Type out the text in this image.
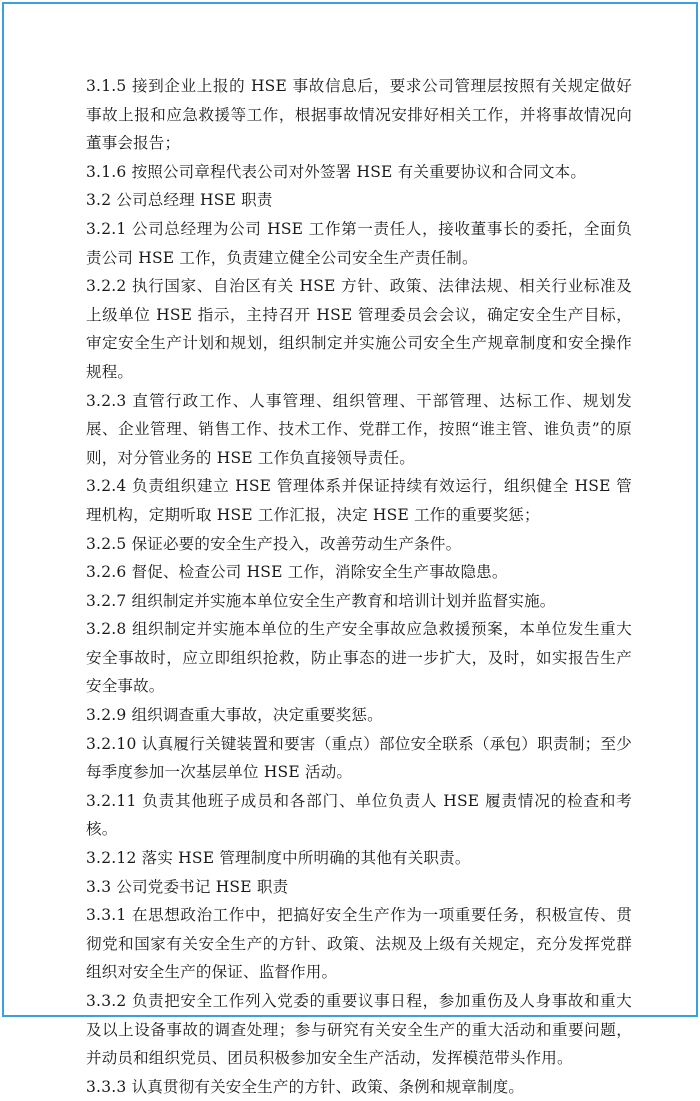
3.1.5 接到企业上报的 HSE 事故信息后，要求公司管理层按照有关规定做好事故上报和应急救援等工作，根据事故情况安排好相关工作，并将事故情况向董事会报告；

3.1.6 按照公司章程代表公司对外签署 HSE 有关重要协议和合同文本。

3.2 公司总经理 HSE 职责

3.2.1 公司总经理为公司 HSE 工作第一责任人，接收董事长的委托，全面负责公司 HSE 工作，负责建立健全公司安全生产责任制。

3.2.2 执行国家、自治区有关 HSE 方针、政策、法律法规、相关行业标准及上级单位 HSE 指示，主持召开 HSE 管理委员会会议，确定安全生产目标，审定安全生产计划和规划，组织制定并实施公司安全生产规章制度和安全操作规程。

3.2.3 直管行政工作、人事管理、组织管理、干部管理、达标工作、规划发展、企业管理、销售工作、技术工作、党群工作，按照“谁主管、谁负责”的原则，对分管业务的 HSE 工作负直接领导责任。

3.2.4 负责组织建立 HSE 管理体系并保证持续有效运行，组织健全 HSE 管理机构，定期听取 HSE 工作汇报，决定 HSE 工作的重要奖惩；

3.2.5 保证必要的安全生产投入，改善劳动生产条件。

3.2.6 督促、检查公司 HSE 工作，消除安全生产事故隐患。

3.2.7 组织制定并实施本单位安全生产教育和培训计划并监督实施。

3.2.8 组织制定并实施本单位的生产安全事故应急救援预案，本单位发生重大安全事故时，应立即组织抢救，防止事态的进一步扩大，及时，如实报告生产安全事故。

3.2.9 组织调查重大事故，决定重要奖惩。

3.2.10 认真履行关键装置和要害（重点）部位安全联系（承包）职责制；至少每季度参加一次基层单位 HSE 活动。

3.2.11 负责其他班子成员和各部门、单位负责人 HSE 履责情况的检查和考核。

3.2.12 落实 HSE 管理制度中所明确的其他有关职责。

3.3 公司党委书记 HSE 职责

3.3.1 在思想政治工作中，把搞好安全生产作为一项重要任务，积极宣传、贯彻党和国家有关安全生产的方针、政策、法规及上级有关规定，充分发挥党群组织对安全生产的保证、监督作用。

3.3.2 负责把安全工作列入党委的重要议事日程，参加重伤及人身事故和重大及以上设备事故的调查处理；参与研究有关安全生产的重大活动和重要问题，并动员和组织党员、团员积极参加安全生产活动，发挥模范带头作用。

3.3.3 认真贯彻有关安全生产的方针、政策、条例和规章制度。
